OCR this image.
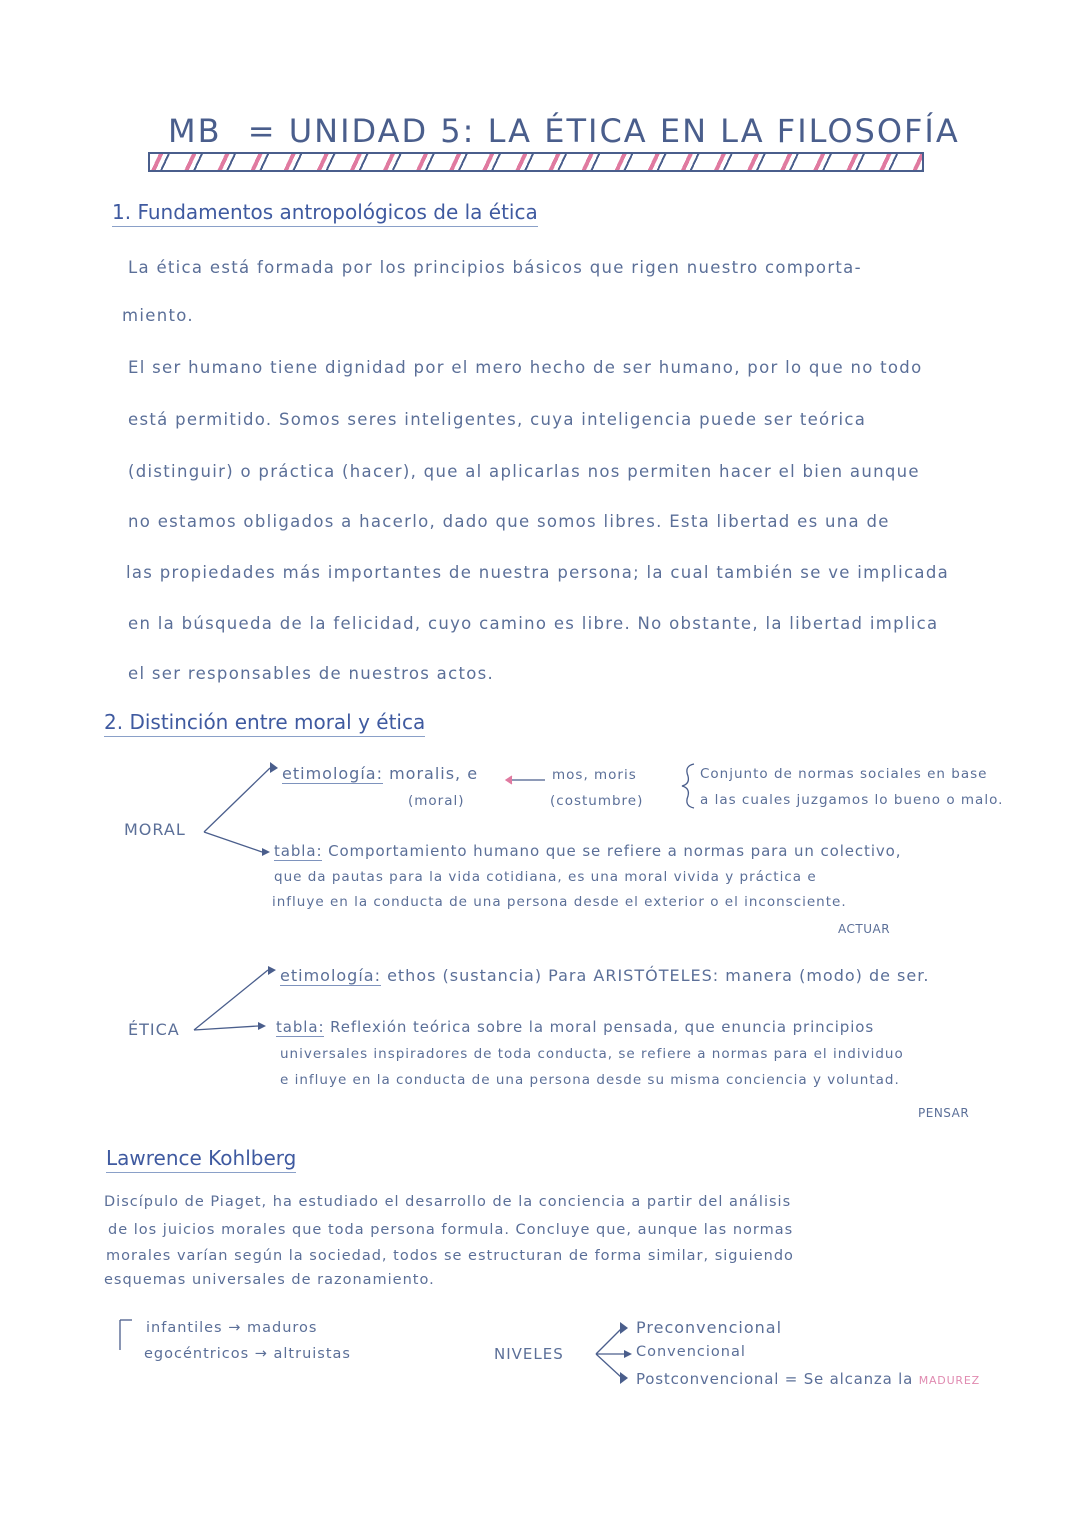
MB = UNIDAD 5: LA ÉTICA EN LA FILOSOFÍA
1. Fundamentos antropológicos de la ética
La ética está formada por los principios básicos que rigen nuestro comporta-
miento.
El ser humano tiene dignidad por el mero hecho de ser humano, por lo que no todo
está permitido. Somos seres inteligentes, cuya inteligencia puede ser teórica
(distinguir) o práctica (hacer), que al aplicarlas nos permiten hacer el bien aunque
no estamos obligados a hacerlo, dado que somos libres. Esta libertad es una de
las propiedades más importantes de nuestra persona; la cual también se ve implicada
en la búsqueda de la felicidad, cuyo camino es libre. No obstante, la libertad implica
el ser responsables de nuestros actos.
2. Distinción entre moral y ética
MORAL
etimología: moralis, e
(moral)
mos, moris
(costumbre)
Conjunto de normas sociales en base
a las cuales juzgamos lo bueno o malo.
tabla: Comportamiento humano que se refiere a normas para un colectivo,
que da pautas para la vida cotidiana, es una moral vivida y práctica e
influye en la conducta de una persona desde el exterior o el inconsciente.
ACTUAR
ÉTICA
etimología: ethos (sustancia) Para ARISTÓTELES: manera (modo) de ser.
tabla: Reflexión teórica sobre la moral pensada, que enuncia principios
universales inspiradores de toda conducta, se refiere a normas para el individuo
e influye en la conducta de una persona desde su misma conciencia y voluntad.
PENSAR
Lawrence Kohlberg
Discípulo de Piaget, ha estudiado el desarrollo de la conciencia a partir del análisis
de los juicios morales que toda persona formula. Concluye que, aunque las normas
morales varían según la sociedad, todos se estructuran de forma similar, siguiendo
esquemas universales de razonamiento.
infantiles → maduros
egocéntricos → altruistas	NIVELES
Preconvencional
Convencional
Postconvencional = Se alcanza la MADUREZ
